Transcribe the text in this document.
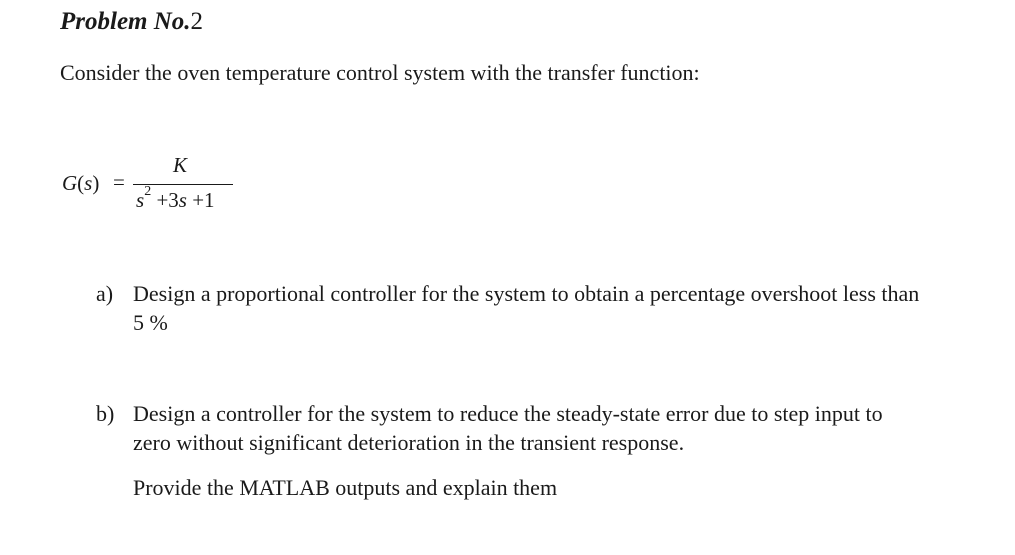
Problem No.2
Consider the oven temperature control system with the transfer function:
G(s) =
K
$s^2 +3s +1$
a) Design a proportional controller for the system to obtain a percentage overshoot less than
5 %
b) Design a controller for the system to reduce the steady-state error due to step input to
zero without significant deterioration in the transient response.
Provide the MATLAB outputs and explain them
